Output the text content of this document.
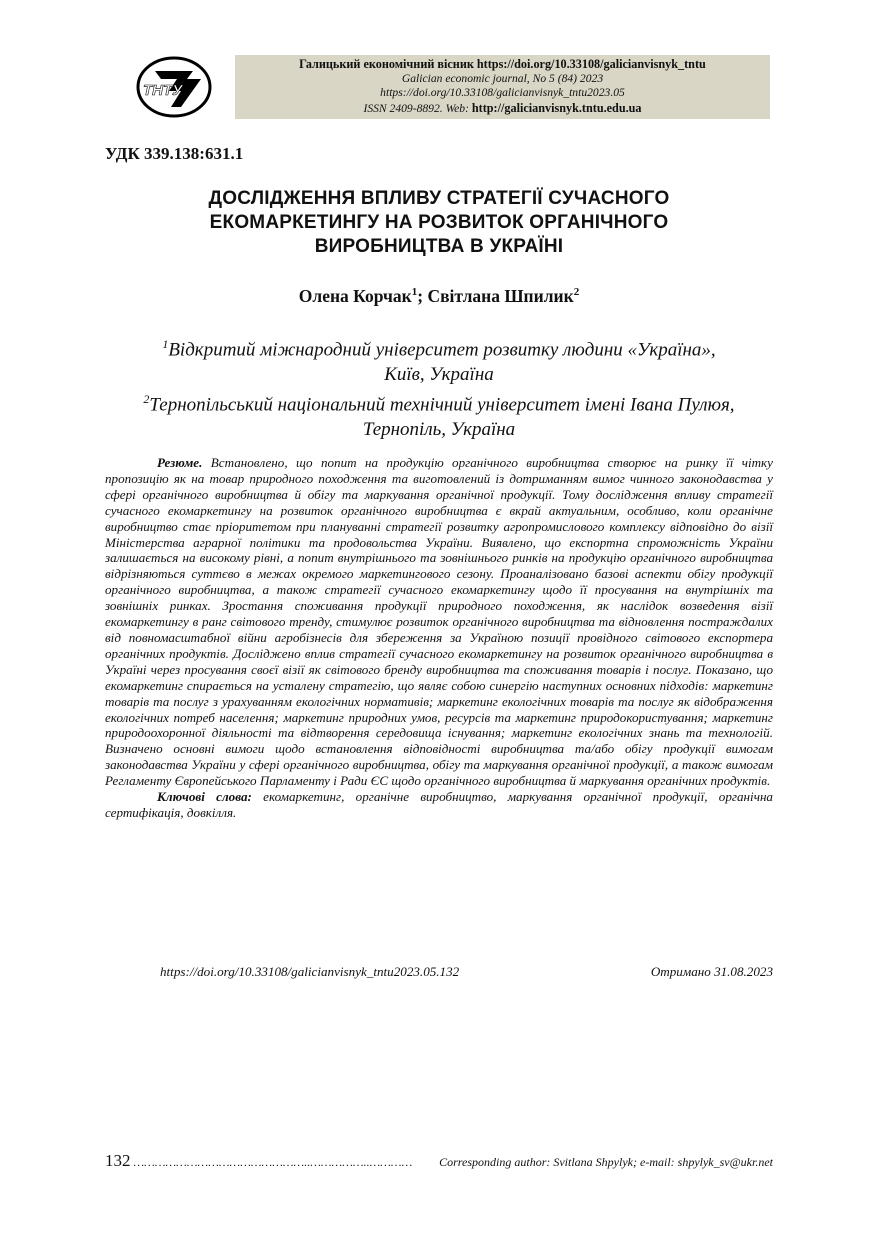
ТНТУ
Галицький економічний вісник https://doi.org/10.33108/galicianvisnyk_tntu
Galician economic journal, No 5 (84) 2023
https://doi.org/10.33108/galicianvisnyk_tntu2023.05
ISSN 2409-8892. Web: http://galicianvisnyk.tntu.edu.ua
УДК 339.138:631.1
ДОСЛІДЖЕННЯ ВПЛИВУ СТРАТЕГІЇ СУЧАСНОГО
ЕКОМАРКЕТИНГУ НА РОЗВИТОК ОРГАНІЧНОГО
ВИРОБНИЦТВА В УКРАЇНІ
Олена Корчак$^1$; Світлана Шпилик$^2$
$^1$Відкритий міжнародний університет розвитку людини «Україна»,
Київ, Україна
$^2$Тернопільський національний технічний університет імені Івана Пулюя,
Тернопіль, Україна

Резюме. Встановлено, що попит на продукцію органічного виробництва створює на ринку її чітку пропозицію як на товар природного походження та виготовлений із дотриманням вимог чинного законодавства у сфері органічного виробництва й обігу та маркування органічної продукції. Тому дослідження впливу стратегії сучасного екомаркетингу на розвиток органічного виробництва є вкрай актуальним, особливо, коли органічне виробництво стає пріоритетом при плануванні стратегії розвитку агропромислового комплексу відповідно до візії Міністерства аграрної політики та продовольства України. Виявлено, що експортна спроможність України залишається на високому рівні, а попит внутрішнього та зовнішнього ринків на продукцію органічного виробництва відрізняються суттєво в межах окремого маркетингового сезону. Проаналізовано базові аспекти обігу продукції органічного виробництва, а також стратегії сучасного екомаркетингу щодо її просування на внутрішніх та зовнішніх ринках. Зростання споживання продукції природного походження, як наслідок возведення візії екомаркетингу в ранг світового тренду, стимулює розвиток органічного виробництва та відновлення постраждалих від повномасштабної війни агробізнесів для збереження за Україною позиції провідного світового експортера органічних продуктів. Досліджено вплив стратегії сучасного екомаркетингу на розвиток органічного виробництва в Україні через просування своєї візії як світового бренду виробництва та споживання товарів і послуг. Показано, що екомаркетинг спирається на усталену стратегію, що являє собою синергію наступних основних підходів: маркетинг товарів та послуг з урахуванням екологічних нормативів; маркетинг екологічних товарів та послуг як відображення екологічних потреб населення; маркетинг природних умов, ресурсів та маркетинг природокористування; маркетинг природоохоронної діяльності та відтворення середовища існування; маркетинг екологічних знань та технологій. Визначено основні вимоги щодо встановлення відповідності виробництва та/або обігу продукції вимогам законодавства України у сфері органічного виробництва, обігу та маркування органічної продукції, а також вимогам Регламенту Європейського Парламенту і Ради ЄС щодо органічного виробництва й маркування органічних продуктів.

Ключові слова: екомаркетинг, органічне виробництво, маркування органічної продукції, органічна сертифікація, довкілля.

https://doi.org/10.33108/galicianvisnyk_tntu2023.05.132	Отримано 31.08.2023
132 …………………………………………..……………..………… Corresponding author: Svitlana Shpylyk; e-mail: shpylyk_sv@ukr.net
